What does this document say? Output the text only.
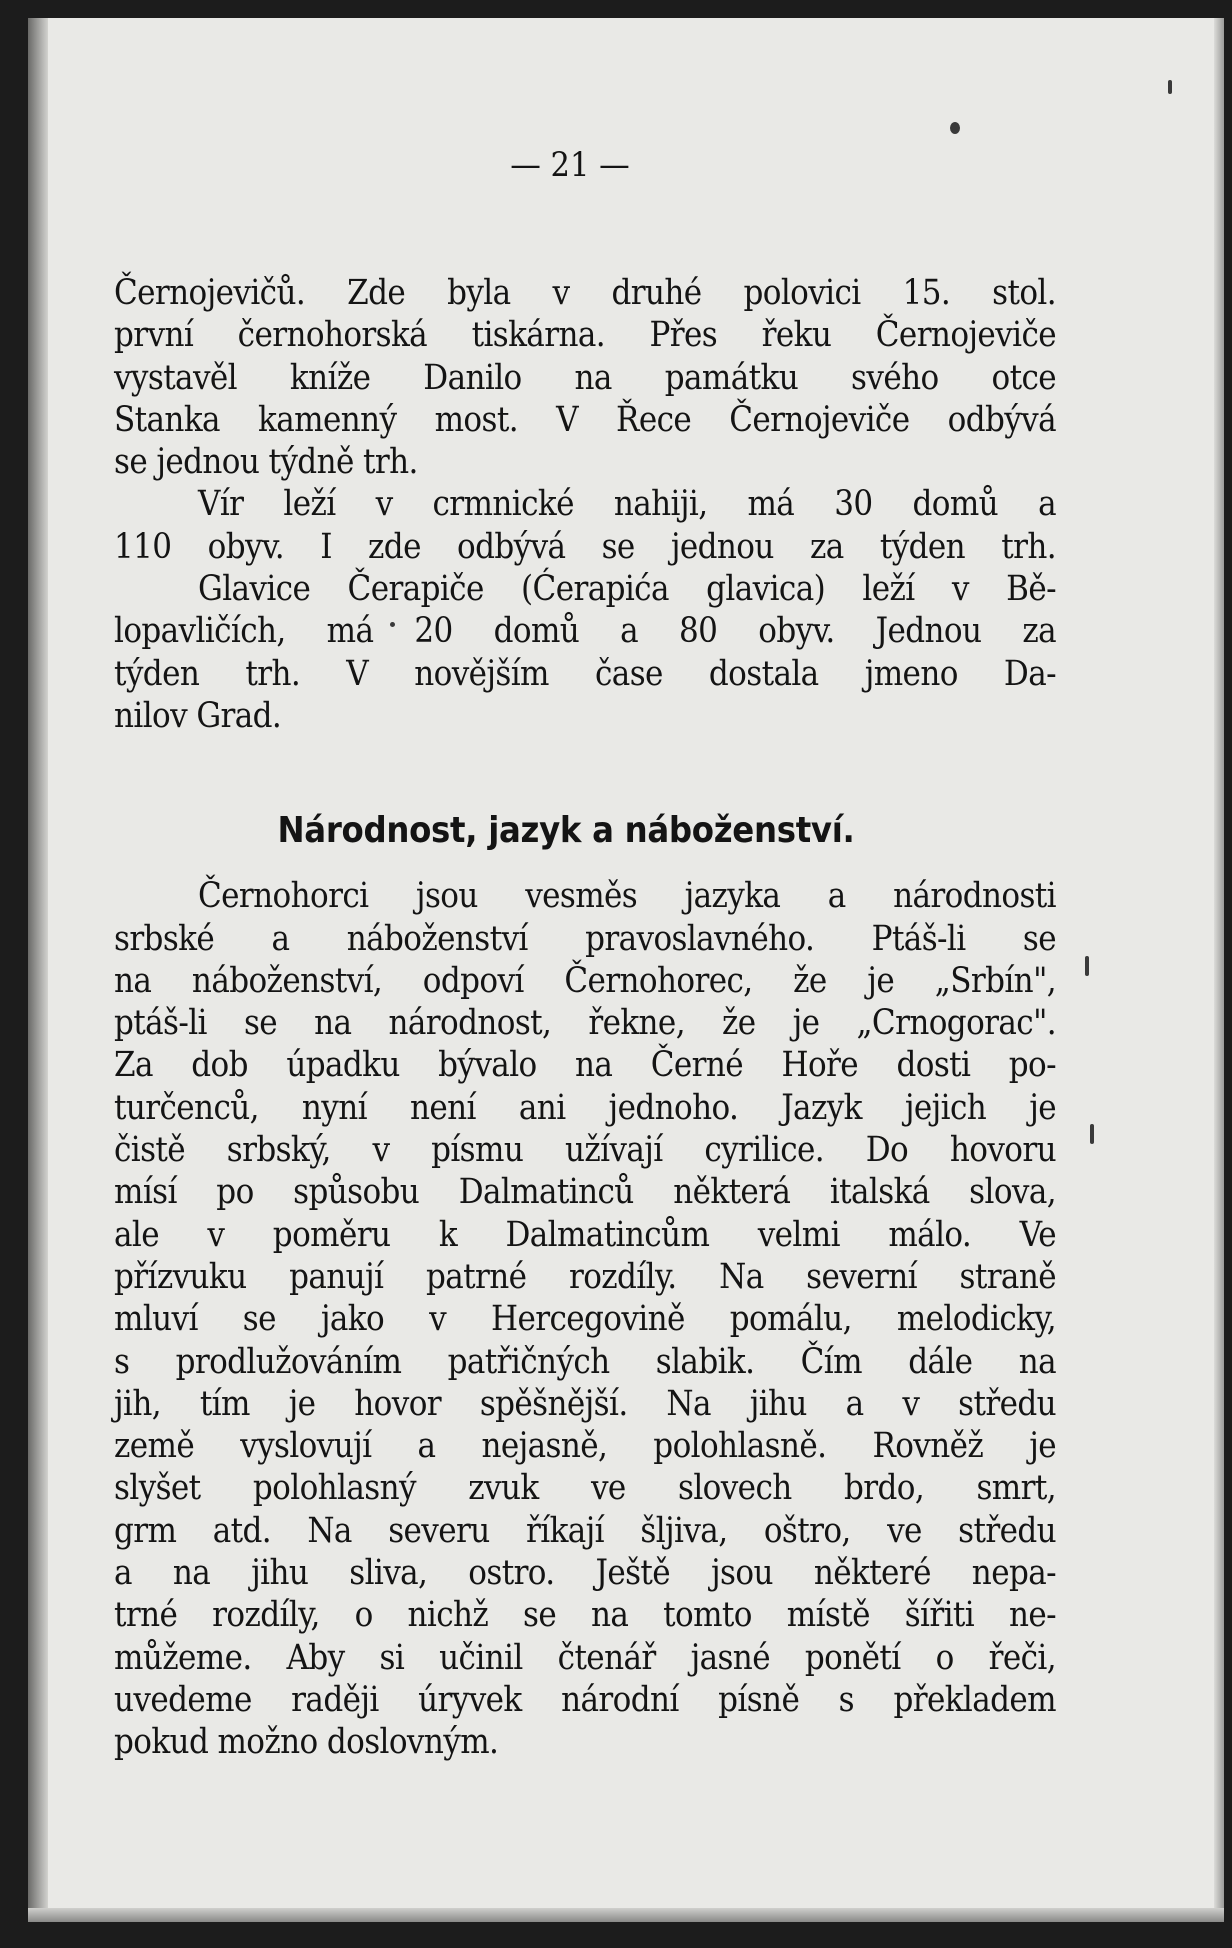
— 21 —
Černojevičů. Zde byla v druhé polovici 15. stol.
první černohorská tiskárna. Přes řeku Černojeviče
vystavěl kníže Danilo na památku svého otce
Stanka kamenný most. V Řece Černojeviče odbývá
se jednou týdně trh.
Vír leží v crmnické nahiji, má 30 domů a
110 obyv. I zde odbývá se jednou za týden trh.
Glavice Čerapiče (Ćerapića glavica) leží v Bě-
lopavličích, má 20 domů a 80 obyv. Jednou za
týden trh. V novějším čase dostala jmeno Da-
nilov Grad.
Národnost, jazyk a náboženství.
Černohorci jsou vesměs jazyka a národnosti
srbské a náboženství pravoslavného. Ptáš-li se
na náboženství, odpoví Černohorec, že je „Srbín",
ptáš-li se na národnost, řekne, že je „Crnogorac".
Za dob úpadku bývalo na Černé Hoře dosti po-
turčenců, nyní není ani jednoho. Jazyk jejich je
čistě srbský, v písmu užívají cyrilice. Do hovoru
mísí po spůsobu Dalmatinců některá italská slova,
ale v poměru k Dalmatincům velmi málo. Ve
přízvuku panují patrné rozdíly. Na severní straně
mluví se jako v Hercegovině pomálu, melodicky,
s prodlužováním patřičných slabik. Čím dále na
jih, tím je hovor spěšnější. Na jihu a v středu
země vyslovují a nejasně, polohlasně. Rovněž je
slyšet polohlasný zvuk ve slovech brdo, smrt,
grm atd. Na severu říkají šljiva, oštro, ve středu
a na jihu sliva, ostro. Ještě jsou některé nepa-
trné rozdíly, o nichž se na tomto místě šířiti ne-
můžeme. Aby si učinil čtenář jasné ponětí o řeči,
uvedeme raději úryvek národní písně s překladem
pokud možno doslovným.
